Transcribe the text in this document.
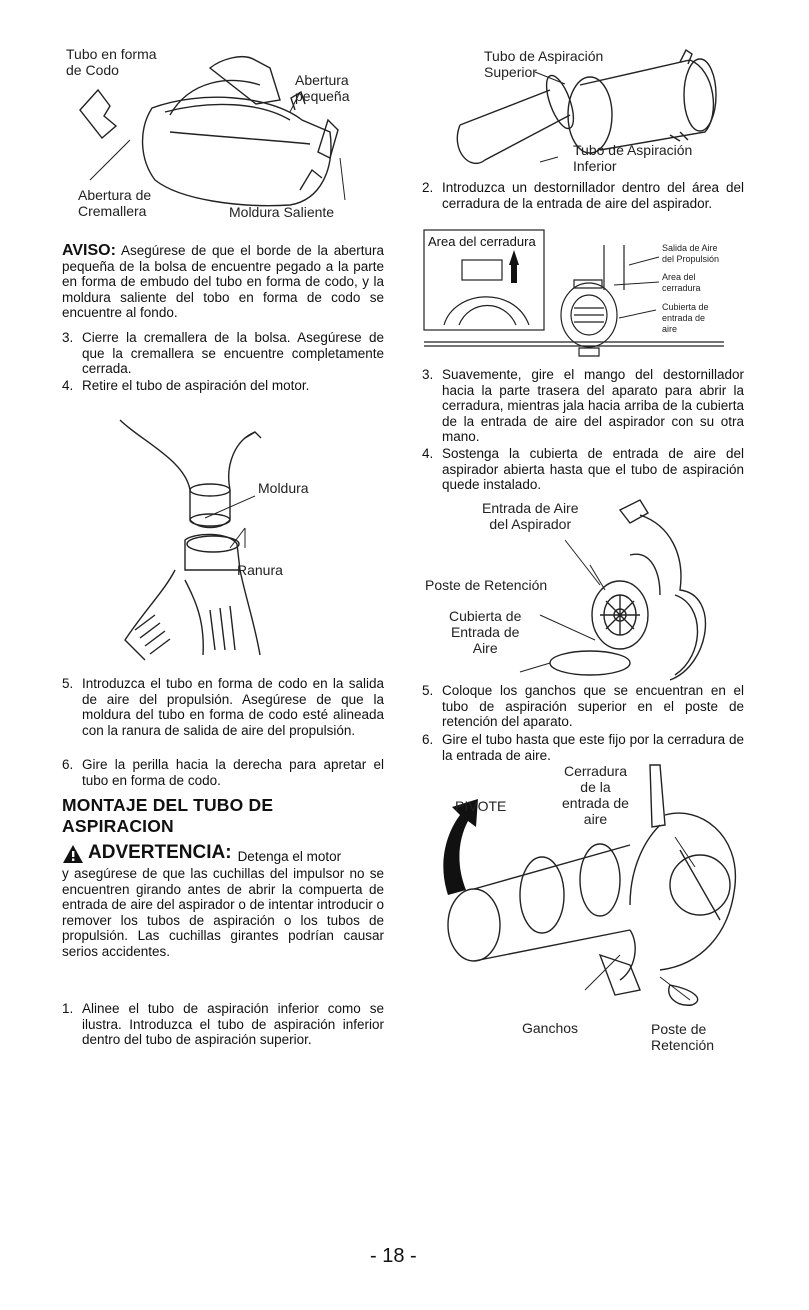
Tubo en forma
de Codo
Abertura
pequeña
Abertura de
Cremallera	Moldura Saliente
AVISO: Asegúrese de que el borde de la abertura pequeña de la bolsa de encuentre pegado a la parte en forma de embudo del tubo en forma de codo, y la moldura saliente del tobo en forma de codo se encuentre al fondo.
3. Cierre la cremallera de la bolsa. Asegúrese de que la cremallera se encuentre completamente cerrada.
4. Retire el tubo de aspiración del motor.
Moldura
Ranura
5. Introduzca el tubo en forma de codo en la salida de aire del propulsión. Asegúrese de que la moldura del tubo en forma de codo esté alineada con la ranura de salida de aire del propulsión.
6. Gire la perilla hacia la derecha para apretar el tubo en forma de codo.
MONTAJE DEL TUBO DE
ASPIRACION
ADVERTENCIA: Detenga el motor
y asegúrese de que las cuchillas del impulsor no se encuentren girando antes de abrir la compuerta de entrada de aire del aspirador o de intentar introducir o remover los tubos de aspiración o los tubos de propulsión. Las cuchillas girantes podrían causar serios accidentes.
1. Alinee el tubo de aspiración inferior como se ilustra. Introduzca el tubo de aspiración inferior dentro del tubo de aspiración superior.
Tubo de Aspiración
Superior
Tubo de Aspiración
Inferior
2. Introduzca un destornillador dentro del área del cerradura de la entrada de aire del aspirador.
Area del cerradura	Salida de Aire
del Propulsión
Area del
cerradura
Cubierta de
entrada de
aire
3. Suavemente, gire el mango del destornillador hacia la parte trasera del aparato para abrir la cerradura, mientras jala hacia arriba de la cubierta de la entrada de aire del aspirador con su otra mano.
4. Sostenga la cubierta de entrada de aire del aspirador abierta hasta que el tubo de aspiración quede instalado.
Entrada de Aire
del Aspirador
Poste de Retención
Cubierta de
Entrada de
Aire
5. Coloque los ganchos que se encuentran en el tubo de aspiración superior en el poste de retención del aparato.
6. Gire el tubo hasta que este fijo por la cerradura de la entrada de aire.
PIVOTE
Cerradura
de la
entrada de
aire
Ganchos	Poste de
Retención
- 18 -
